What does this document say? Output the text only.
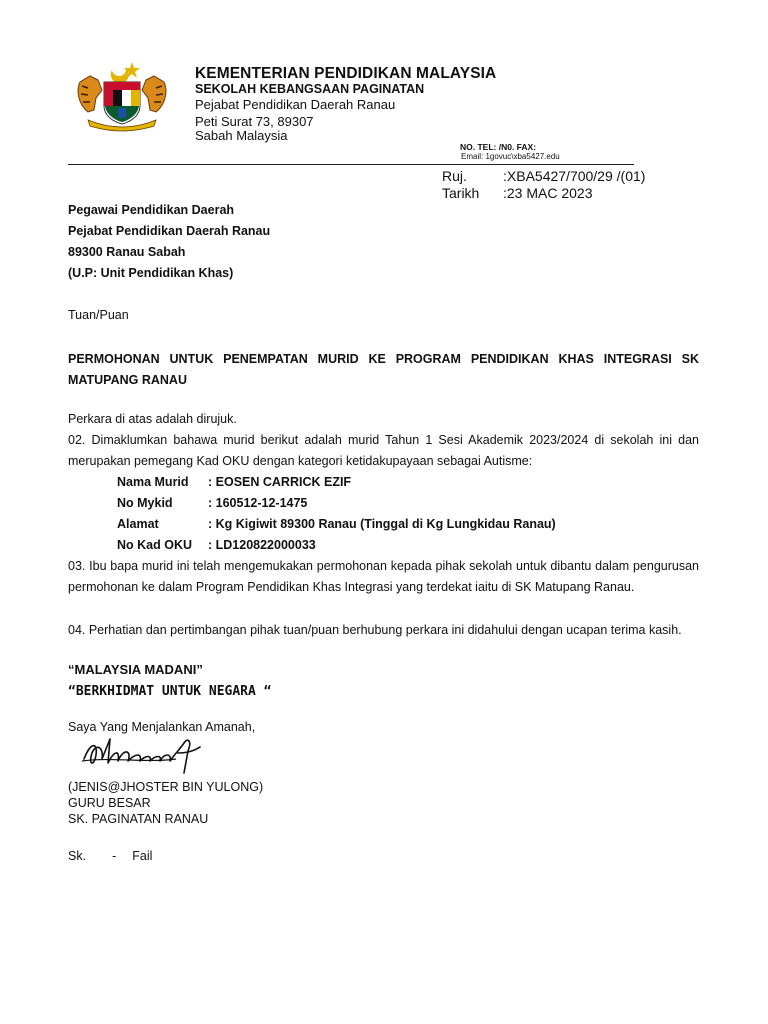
KEMENTERIAN PENDIDIKAN MALAYSIA
SEKOLAH KEBANGSAAN PAGINATAN
Pejabat Pendidikan Daerah Ranau
Peti Surat 73, 89307
Sabah Malaysia
NO. TEL: /N0. FAX:
Email: 1govuc\xba5427.edu
Ruj.	:XBA5427/700/29 /(01)
Tarikh :23 MAC 2023
Pegawai Pendidikan Daerah
Pejabat Pendidikan Daerah Ranau
89300 Ranau Sabah
(U.P: Unit Pendidikan Khas)
Tuan/Puan
PERMOHONAN UNTUK PENEMPATAN MURID KE PROGRAM PENDIDIKAN KHAS INTEGRASI SK MATUPANG RANAU
Perkara di atas adalah dirujuk.
02. Dimaklumkan bahawa murid berikut adalah murid Tahun 1 Sesi Akademik 2023/2024 di sekolah ini dan merupakan pemegang Kad OKU dengan kategori ketidakupayaan sebagai Autisme:
Nama Murid : EOSEN CARRICK EZIF
No Mykid	: 160512-12-1475
Alamat	: Kg Kigiwit 89300 Ranau (Tinggal di Kg Lungkidau Ranau)
No Kad OKU : LD120822000033
03. Ibu bapa murid ini telah mengemukakan permohonan kepada pihak sekolah untuk dibantu dalam pengurusan permohonan ke dalam Program Pendidikan Khas Integrasi yang terdekat iaitu di SK Matupang Ranau.
04. Perhatian dan pertimbangan pihak tuan/puan berhubung perkara ini didahului dengan ucapan terima kasih.
“MALAYSIA MADANI”
“BERKHIDMAT UNTUK NEGARA “
Saya Yang Menjalankan Amanah,
(JENIS@JHOSTER BIN YULONG)
GURU BESAR
SK. PAGINATAN RANAU
Sk. - Fail
